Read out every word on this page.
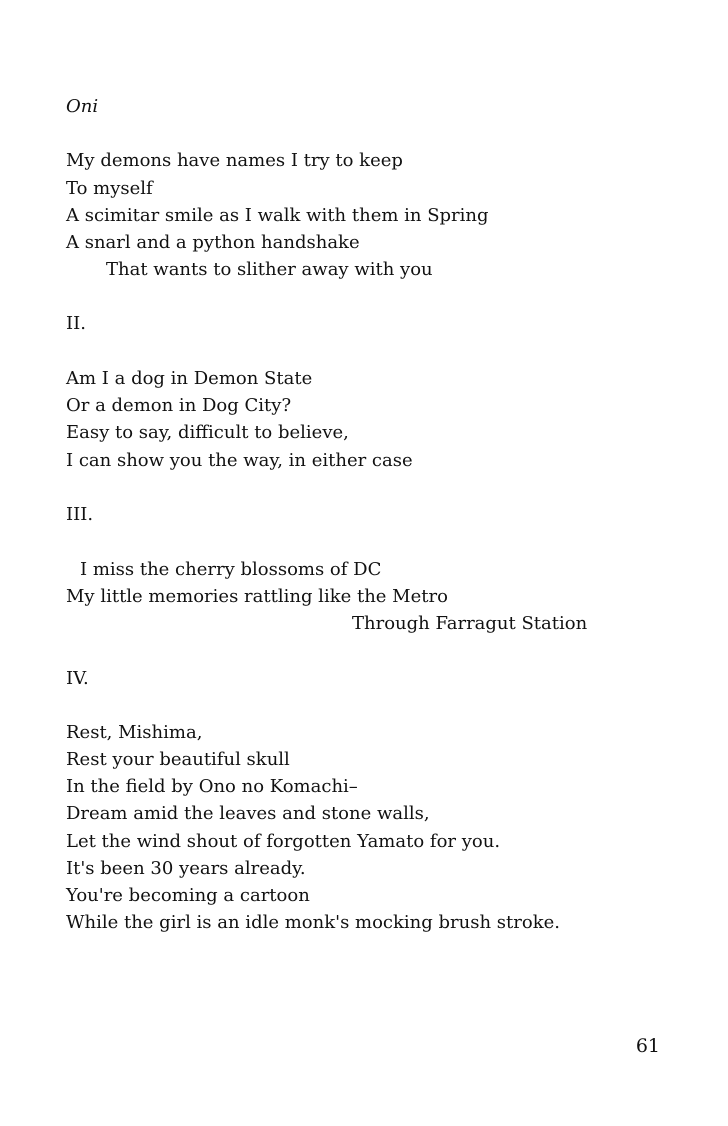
Oni

My demons have names I try to keep

To myself

A scimitar smile as I walk with them in Spring

A snarl and a python handshake

That wants to slither away with you

II.

Am I a dog in Demon State

Or a demon in Dog City?

Easy to say, difficult to believe,

I can show you the way, in either case

III.

I miss the cherry blossoms of DC

My little memories rattling like the Metro

Through Farragut Station

IV.

Rest, Mishima,

Rest your beautiful skull

In the field by Ono no Komachi–

Dream amid the leaves and stone walls,

Let the wind shout of forgotten Yamato for you.

It's been 30 years already.

You're becoming a cartoon

While the girl is an idle monk's mocking brush stroke.

61
